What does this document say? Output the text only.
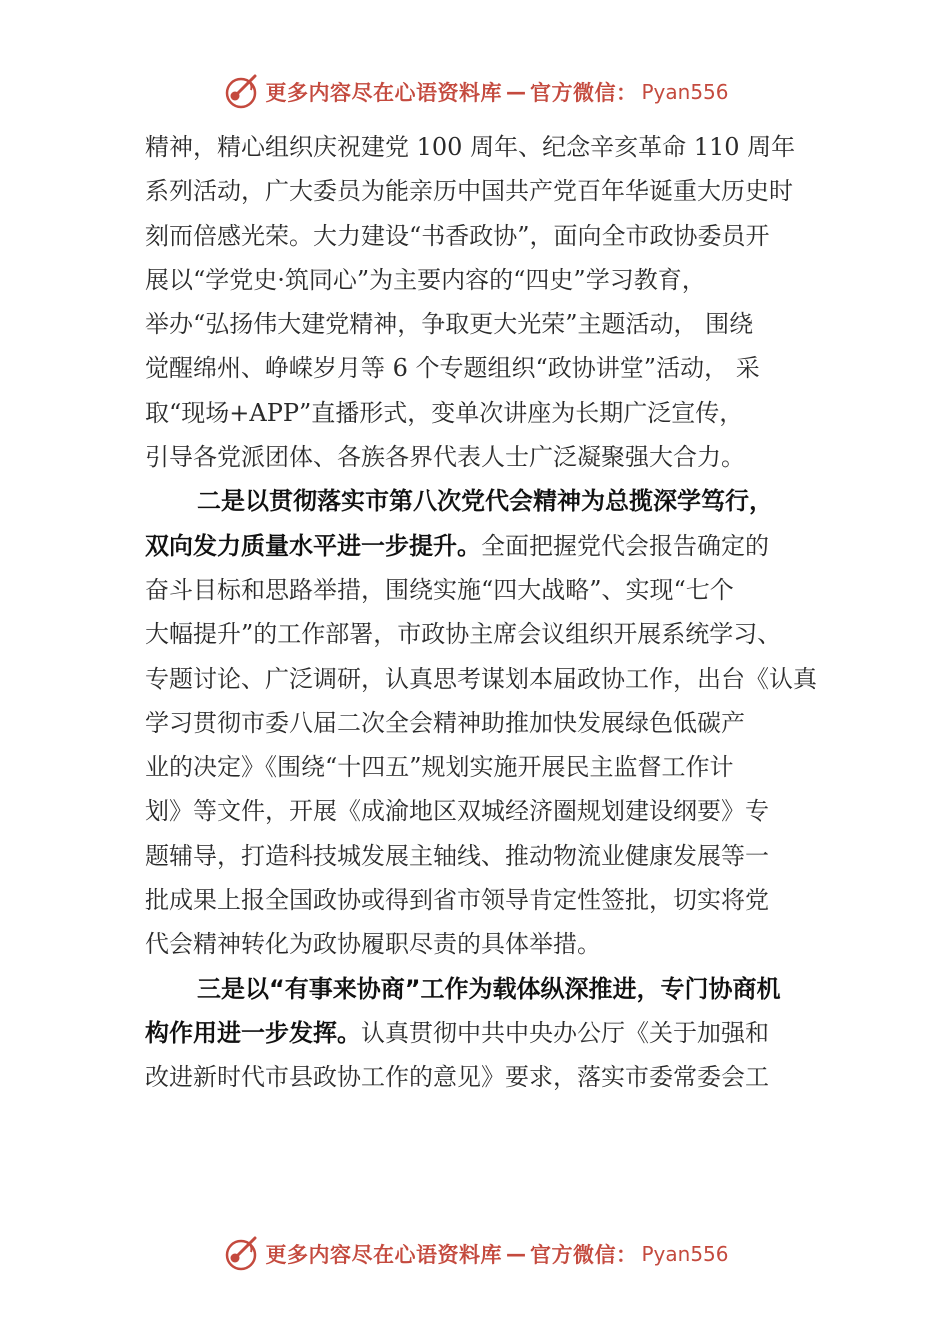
更多内容尽在心语资料库 — 官方微信： Pyan556
精神，精心组织庆祝建党 100 周年、纪念辛亥革命 110 周年
系列活动，广大委员为能亲历中国共产党百年华诞重大历史时
刻而倍感光荣。大力建设“书香政协”，面向全市政协委员开
展以“学党史·筑同心”为主要内容的“四史”学习教育，
举办“弘扬伟大建党精神，争取更大光荣”主题活动， 围绕
觉醒绵州、峥嵘岁月等 6 个专题组织“政协讲堂”活动， 采
取“现场+APP”直播形式，变单次讲座为长期广泛宣传，
引导各党派团体、各族各界代表人士广泛凝聚强大合力。
二是以贯彻落实市第八次党代会精神为总揽深学笃行，
双向发力质量水平进一步提升。全面把握党代会报告确定的
奋斗目标和思路举措，围绕实施“四大战略”、实现“七个
大幅提升”的工作部署，市政协主席会议组织开展系统学习、
专题讨论、广泛调研，认真思考谋划本届政协工作，出台《认真
学习贯彻市委八届二次全会精神助推加快发展绿色低碳产
业的决定》《围绕“十四五”规划实施开展民主监督工作计
划》等文件，开展《成渝地区双城经济圈规划建设纲要》专
题辅导，打造科技城发展主轴线、推动物流业健康发展等一
批成果上报全国政协或得到省市领导肯定性签批，切实将党
代会精神转化为政协履职尽责的具体举措。
三是以“有事来协商”工作为载体纵深推进，专门协商机
构作用进一步发挥。认真贯彻中共中央办公厅《关于加强和
改进新时代市县政协工作的意见》要求，落实市委常委会工
更多内容尽在心语资料库 — 官方微信： Pyan556
